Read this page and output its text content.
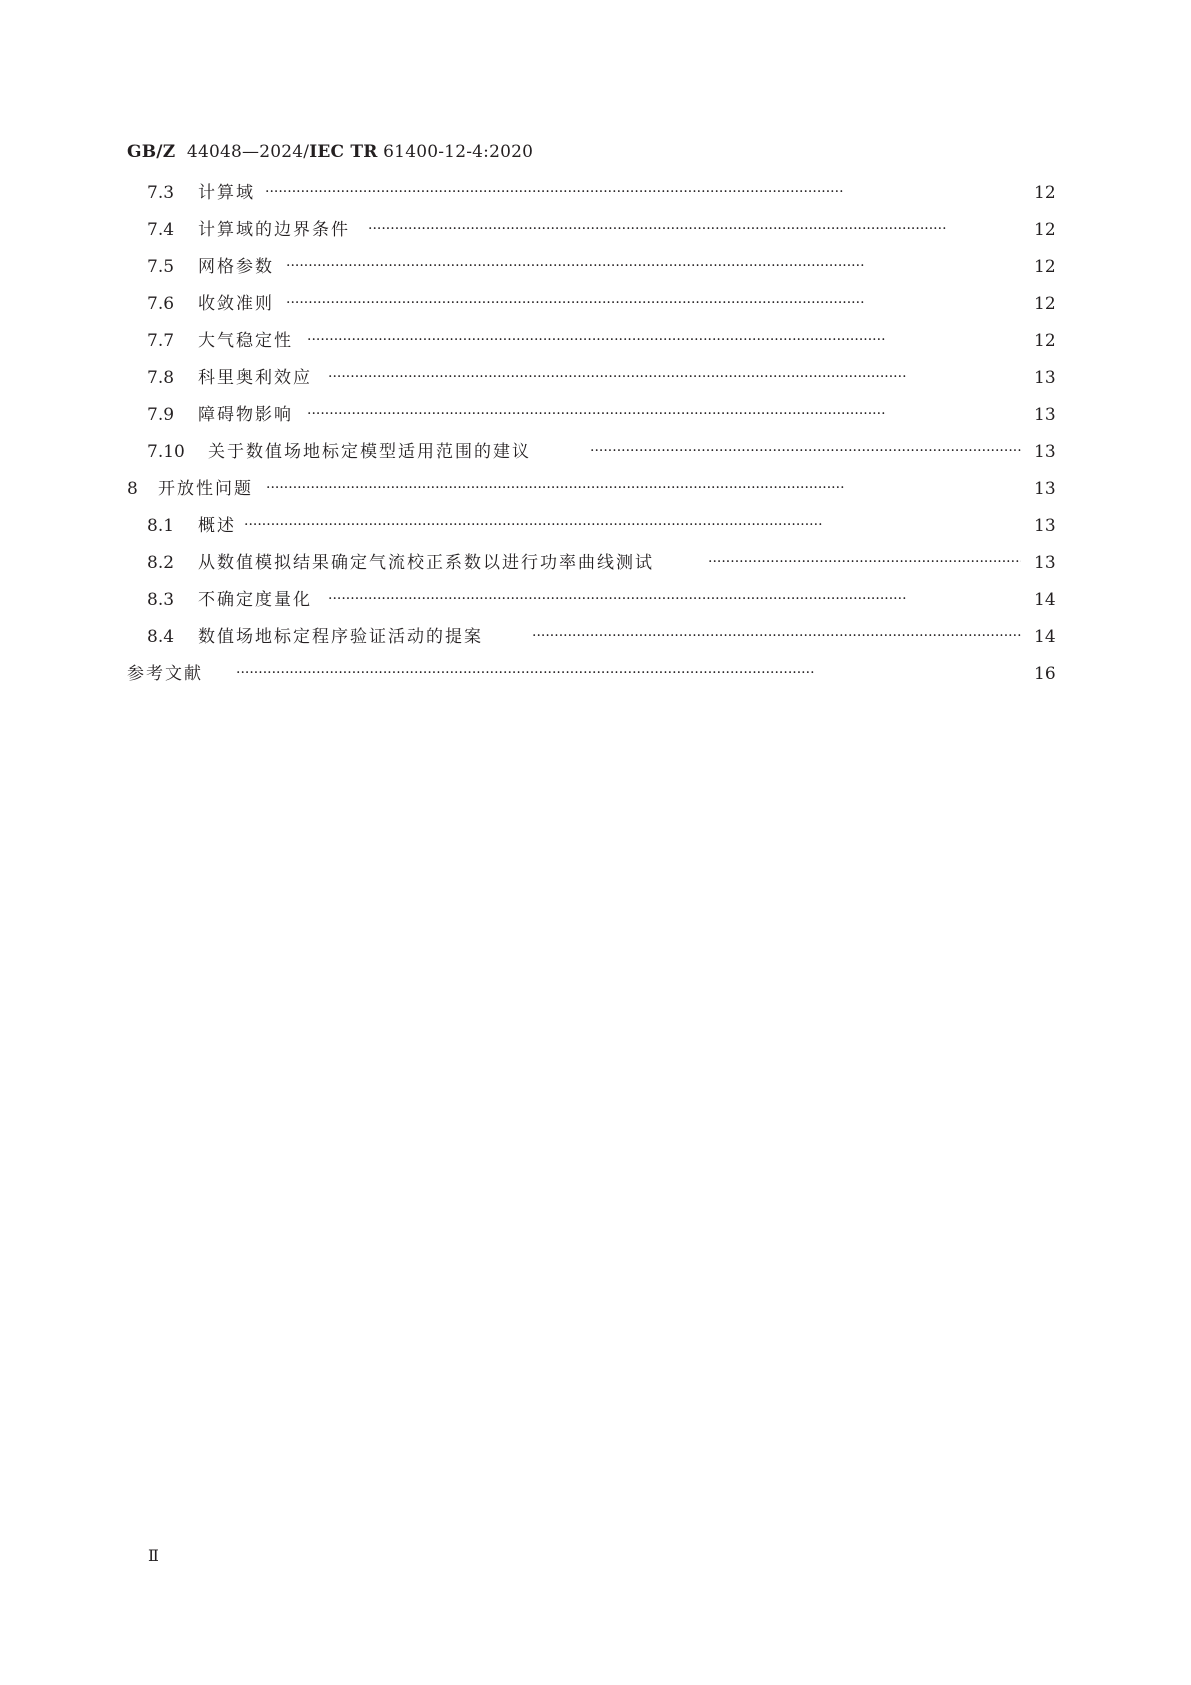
GB/Z 44048—2024/IEC TR 61400-12-4:2020
7.3 计算域 ·····	12
7.4 计算域的边界条件 ·····	12
7.5 网格参数 ·····	12
7.6 收敛准则 ·····	12
7.7 大气稳定性 ·····	12
7.8 科里奥利效应 ·····	13
7.9 障碍物影响 ·····	13
7.10 关于数值场地标定模型适用范围的建议 ·····	13
8 开放性问题 ·····	13
8.1 概述 ·····	13
8.2 从数值模拟结果确定气流校正系数以进行功率曲线测试 ·····	13
8.3 不确定度量化 ·····	14
8.4 数值场地标定程序验证活动的提案 ·····	14
参考文献 ·····	16
Ⅱ
